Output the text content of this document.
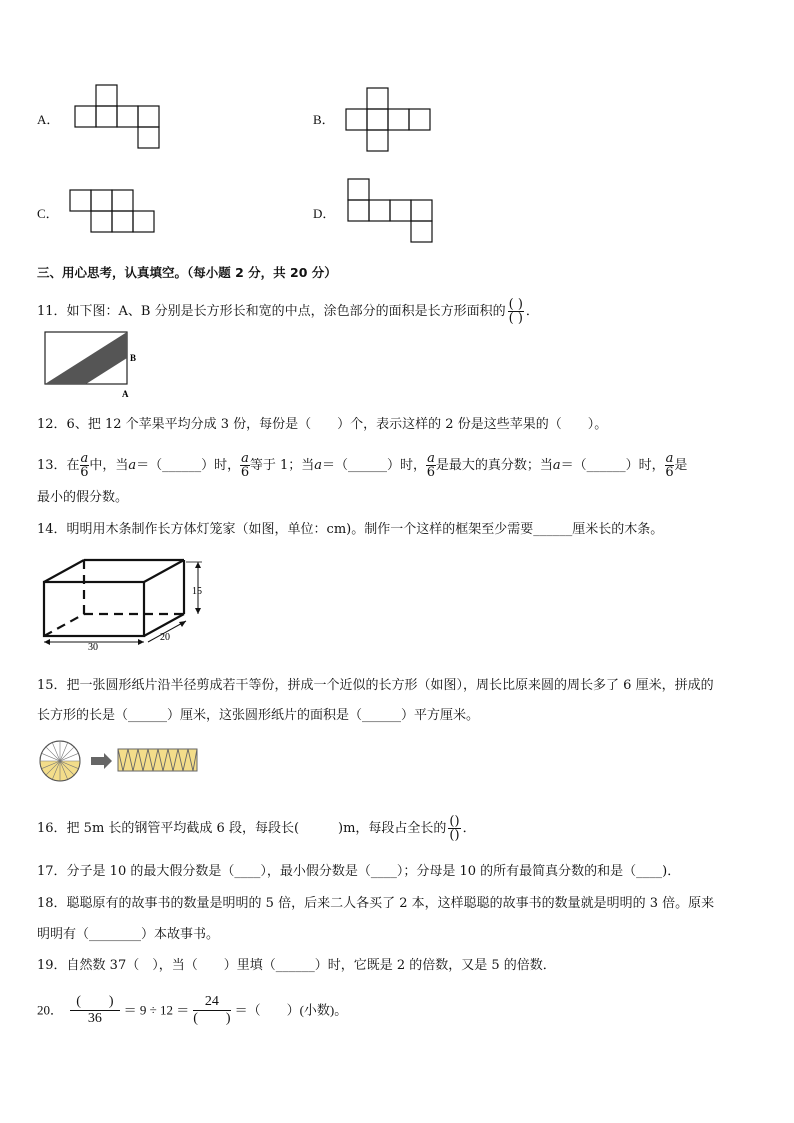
A．	B．
C．	D．
三、用心思考，认真填空。（每小题 2 分，共 20 分）
11．如下图：A、B 分别是长方形长和宽的中点，涂色部分的面积是长方形面积的 $\frac{( )}{( )}$ ．
A
B
12．6、把 12 个苹果平均分成 3 份，每份是（　　）个，表示这样的 2 份是这些苹果的（　　）。
13．在 $\frac{a}{6}$ 中，当a＝（______）时， $\frac{a}{6}$ 等于 1；当a＝（______）时， $\frac{a}{6}$ 是最大的真分数；当a＝（______）时， $\frac{a}{6}$ 是
最小的假分数。
14．明明用木条制作长方体灯笼家（如图，单位：cm)。制作一个这样的框架至少需要______厘米长的木条。
15
30
20
15．把一张圆形纸片沿半径剪成若干等份，拼成一个近似的长方形（如图），周长比原来圆的周长多了 6 厘米，拼成的
长方形的长是（______）厘米，这张圆形纸片的面积是（______）平方厘米。
16．把 5m 长的钢管平均截成 6 段，每段长(　　　)m，每段占全长的 $\frac{()}{()}$ ．
17．分子是 10 的最大假分数是（____），最小假分数是（____）；分母是 10 的所有最简真分数的和是（____)．
18．聪聪原有的故事书的数量是明明的 5 倍，后来二人各买了 2 本，这样聪聪的故事书的数量就是明明的 3 倍。原来
明明有（________）本故事书。
19．自然数 37（　），当（　　）里填（______）时，它既是 2 的倍数，又是 5 的倍数．
20． $\frac{( )}{36} = 9 \div 12 = \frac{24}{( )}$ ＝（　　）(小数)。
